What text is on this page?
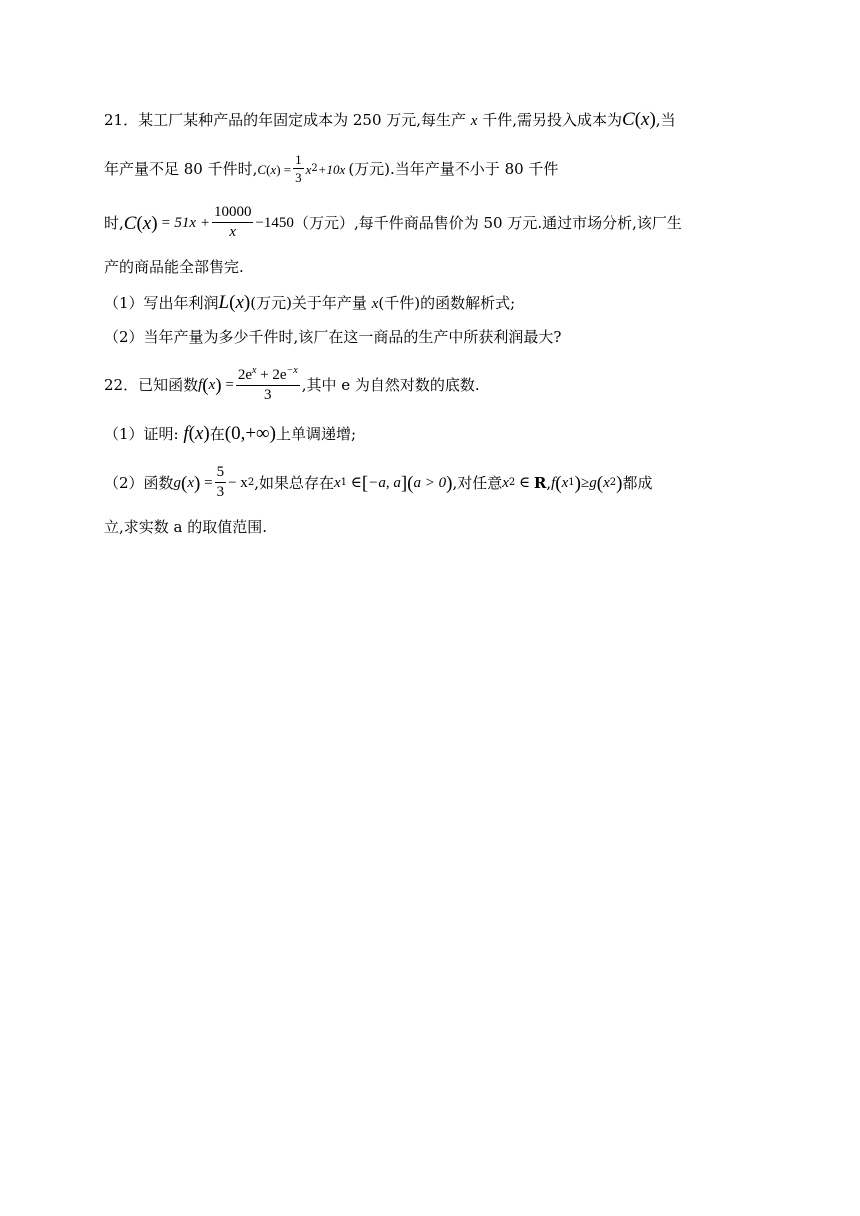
21．某工厂某种产品的年固定成本为 250 万元,每生产 x 千件,需另投入成本为C(x),当
年产量不足 80 千件时, C ( x ) = $\frac{1}{3}$ x 2 +10x (万元).当年产量不小于 80 千件
时, C ( x ) = $51x + \frac{10000}{x} -1450$ （万元）,每千件商品售价为 50 万元.通过市场分析,该厂生
产的商品能全部售完.
（1）写出年利润L(x)(万元)关于年产量 x(千件)的函数解析式;
（2）当年产量为多少千件时,该厂在这一商品的生产中所获利润最大?
22．已知函数 f ( x ) = $\frac{2e^x + 2e^{-x}}{3}$ ,其中 e 为自然对数的底数.
（1）证明: f(x)在(0,+∞)上单调递增;
（2）函数 g ( x ) = $\frac{5}{3} - x$ 2 ,如果总存在 x 1 ∈ [ −a, a ] ( a > 0 ) ,对任意 x 2 ∈ R , f ( x 1 ) ≥ g ( x 2 ) 都成
立,求实数 a 的取值范围.
